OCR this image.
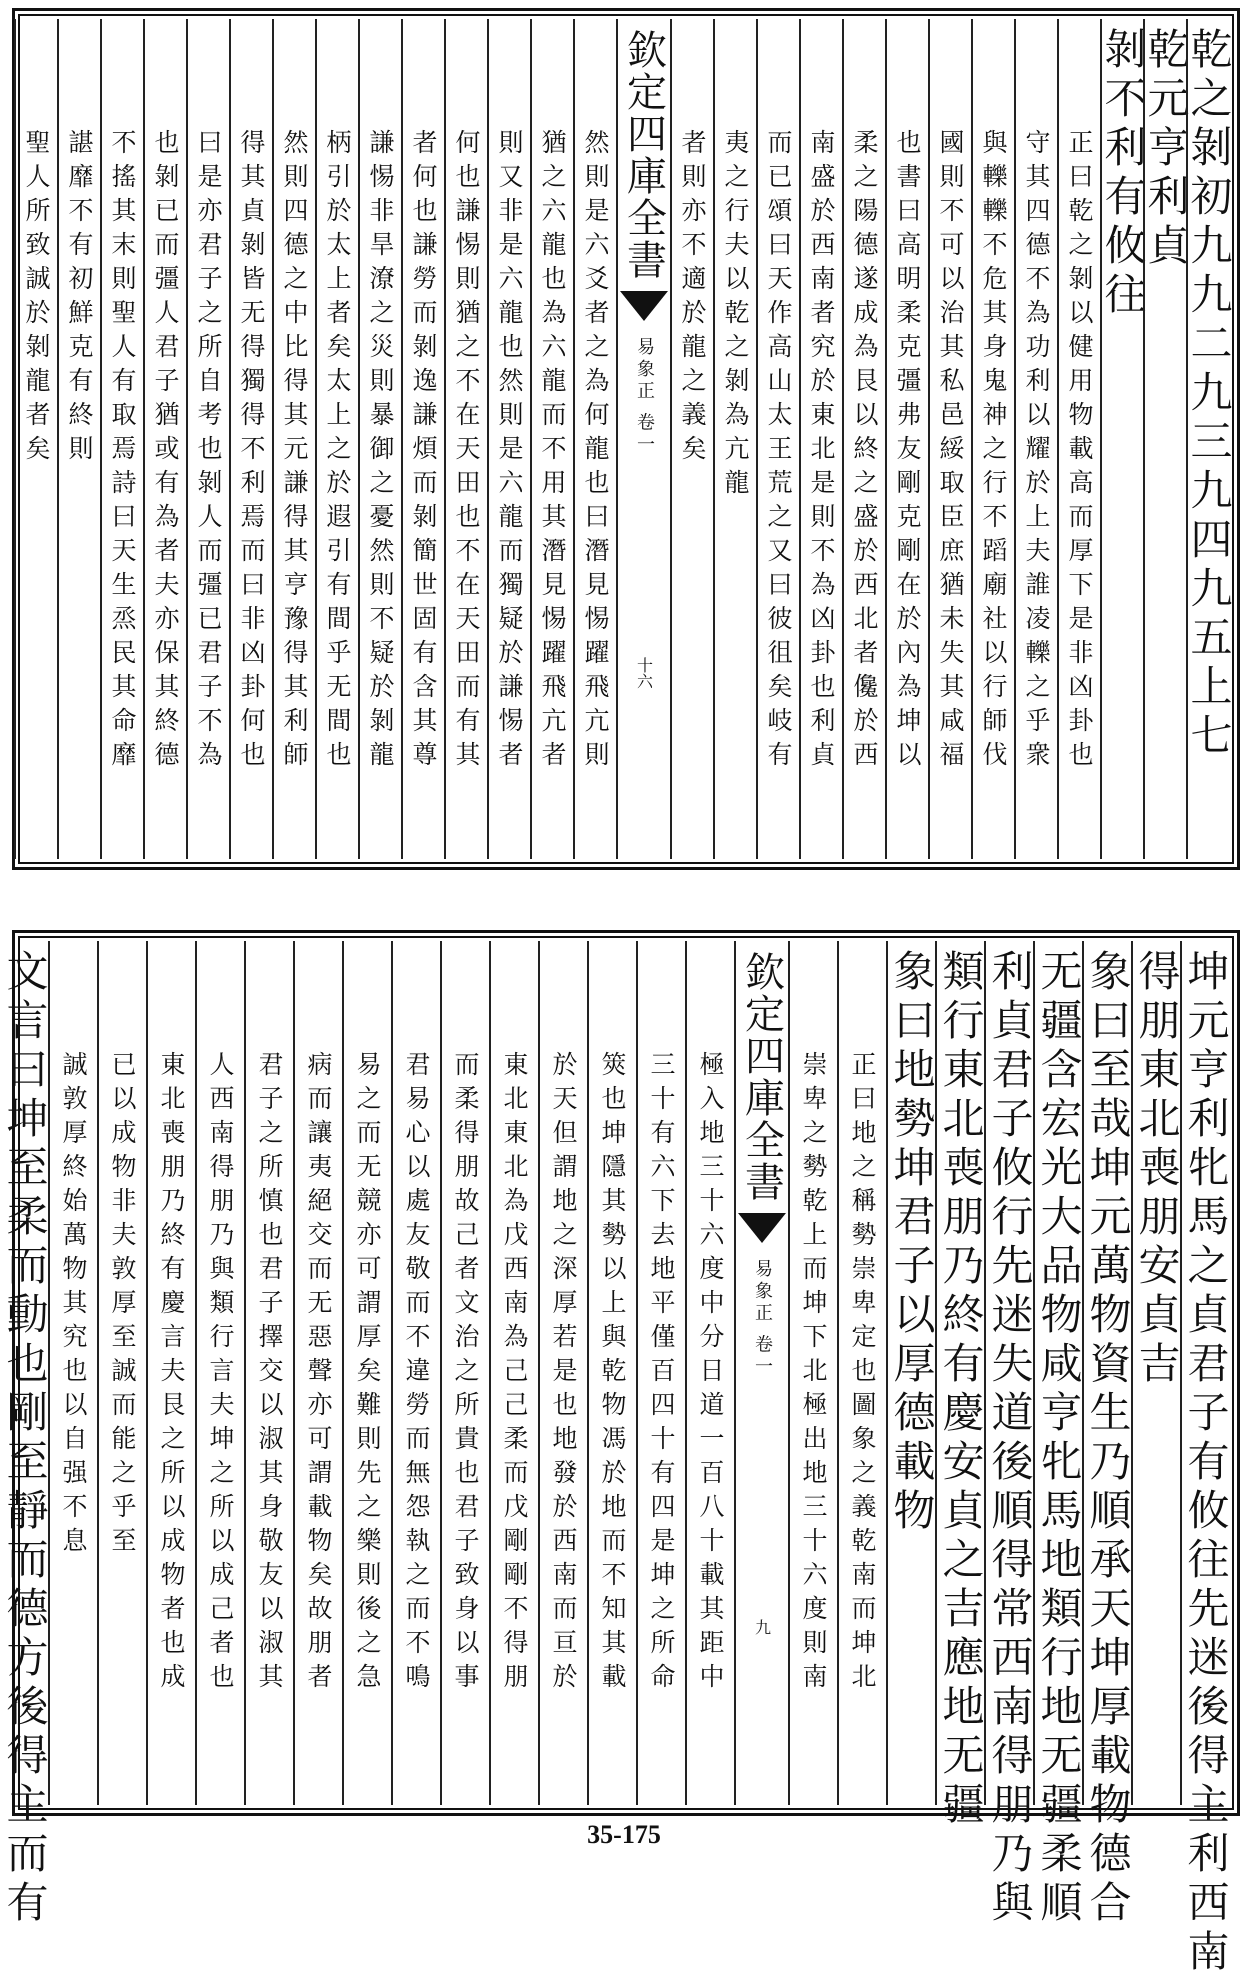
乾之剝初九九二九三九四九五上七
乾元亨利貞
剝不利有攸往
正曰乾之剝以健用物載高而厚下是非凶卦也
守其四德不為功利以耀於上夫誰凌轢之乎衆
與轢轢不危其身鬼神之行不蹈廟社以行師伐
國則不可以治其私邑綏取臣庶猶未失其咸福
也書曰高明柔克彊弗友剛克剛在於內為坤以
柔之陽德遂成為艮以終之盛於西北者儳於西
南盛於西南者究於東北是則不為凶卦也利貞
而已頌曰天作高山太王荒之又曰彼徂矣岐有
夷之行夫以乾之剝為亢龍
者則亦不適於龍之義矣
欽定四庫全書
易象正 卷一
十六
然則是六爻者之為何龍也曰潛見惕躍飛亢則
猶之六龍也為六龍而不用其潛見惕躍飛亢者
則又非是六龍也然則是六龍而獨疑於謙惕者
何也謙惕則猶之不在天田也不在天田而有其
者何也謙勞而剝逸謙煩而剝簡世固有含其尊
謙惕非旱潦之災則暴御之憂然則不疑於剝龍
柄引於太上者矣太上之於遐引有間乎无間也
然則四德之中比得其元謙得其亨豫得其利師
得其貞剝皆无得獨得不利焉而曰非凶卦何也
曰是亦君子之所自考也剝人而彊已君子不為
也剝已而彊人君子猶或有為者夫亦保其終德
不搖其末則聖人有取焉詩曰天生烝民其命靡
諶靡不有初鮮克有終則
聖人所致誠於剝龍者矣
坤元亨利牝馬之貞君子有攸往先迷後得主利西南
得朋東北喪朋安貞吉
象曰至哉坤元萬物資生乃順承天坤厚載物德合
无疆含宏光大品物咸亨牝馬地類行地无疆柔順
利貞君子攸行先迷失道後順得常西南得朋乃與
類行東北喪朋乃終有慶安貞之吉應地无疆
象曰地勢坤君子以厚德載物
正曰地之稱勢崇卑定也圖象之義乾南而坤北
崇卑之勢乾上而坤下北極出地三十六度則南
欽定四庫全書
易象正 卷一
九
極入地三十六度中分日道一百八十載其距中
三十有六下去地平僅百四十有四是坤之所命
筴也坤隱其勢以上與乾物馮於地而不知其載
於天但謂地之深厚若是也地發於西南而亘於
東北東北為戊西南為己己柔而戊剛剛不得朋
而柔得朋故己者文治之所貴也君子致身以事
君易心以處友敬而不違勞而無怨執之而不鳴
易之而无競亦可謂厚矣難則先之樂則後之急
病而讓夷絕交而无惡聲亦可謂載物矣故朋者
君子之所慎也君子擇交以淑其身敬友以淑其
人西南得朋乃與類行言夫坤之所以成己者也
東北喪朋乃終有慶言夫艮之所以成物者也成
已以成物非夫敦厚至誠而能之乎至
誠敦厚終始萬物其究也以自强不息
文言曰坤至柔而動也剛至靜而德方後得主而有	35-175
